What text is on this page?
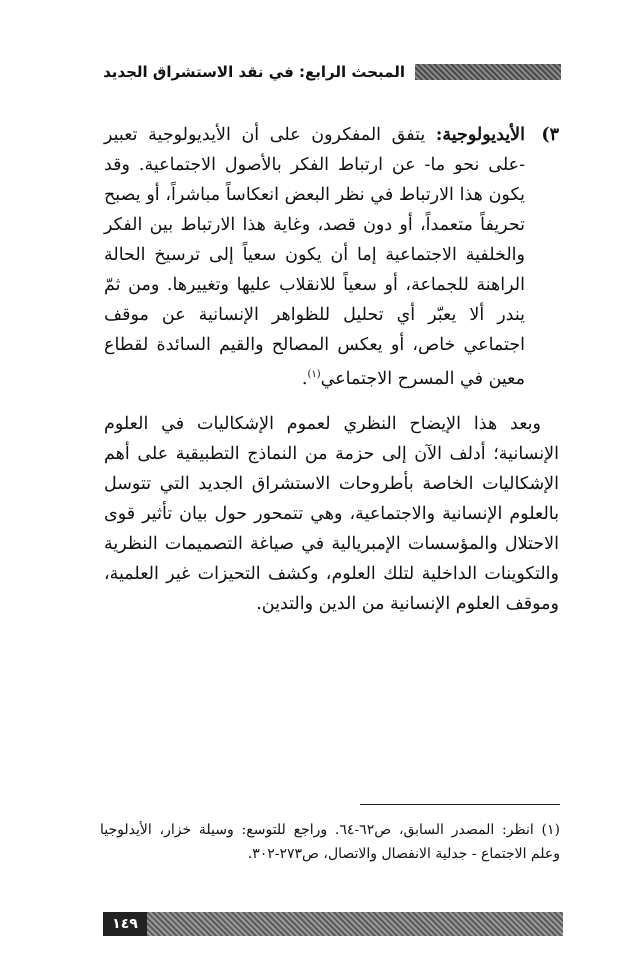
المبحث الرابع: في نقد الاستشراق الجديد
٣)

الأيديولوجية: يتفق المفكرون على أن الأيديولوجية تعبير -على نحو ما- عن ارتباط الفكر بالأصول الاجتماعية. وقد يكون هذا الارتباط في نظر البعض انعكاساً مباشراً، أو يصبح تحريفاً متعمداً، أو دون قصد، وغاية هذا الارتباط بين الفكر والخلفية الاجتماعية إما أن يكون سعياً إلى ترسيخ الحالة الراهنة للجماعة، أو سعياً للانقلاب عليها وتغييرها. ومن ثمّ يندر ألا يعبّر أي تحليل للظواهر الإنسانية عن موقف اجتماعي خاص، أو يعكس المصالح والقيم السائدة لقطاع معين في المسرح الاجتماعي$^{(١)}$.

وبعد هذا الإيضاح النظري لعموم الإشكاليات في العلوم الإنسانية؛ أدلف الآن إلى حزمة من النماذج التطبيقية على أهم الإشكاليات الخاصة بأطروحات الاستشراق الجديد التي تتوسل بالعلوم الإنسانية والاجتماعية، وهي تتمحور حول بيان تأثير قوى الاحتلال والمؤسسات الإمبريالية في صياغة التصميمات النظرية والتكوينات الداخلية لتلك العلوم، وكشف التحيزات غير العلمية، وموقف العلوم الإنسانية من الدين والتدين.

(١) انظر: المصدر السابق، ص٦٢-٦٤. وراجع للتوسع: وسيلة خزار، الأيدلوجيا وعلم الاجتماع - جدلية الانفصال والاتصال، ص٢٧٣-٣٠٢.

١٤٩
